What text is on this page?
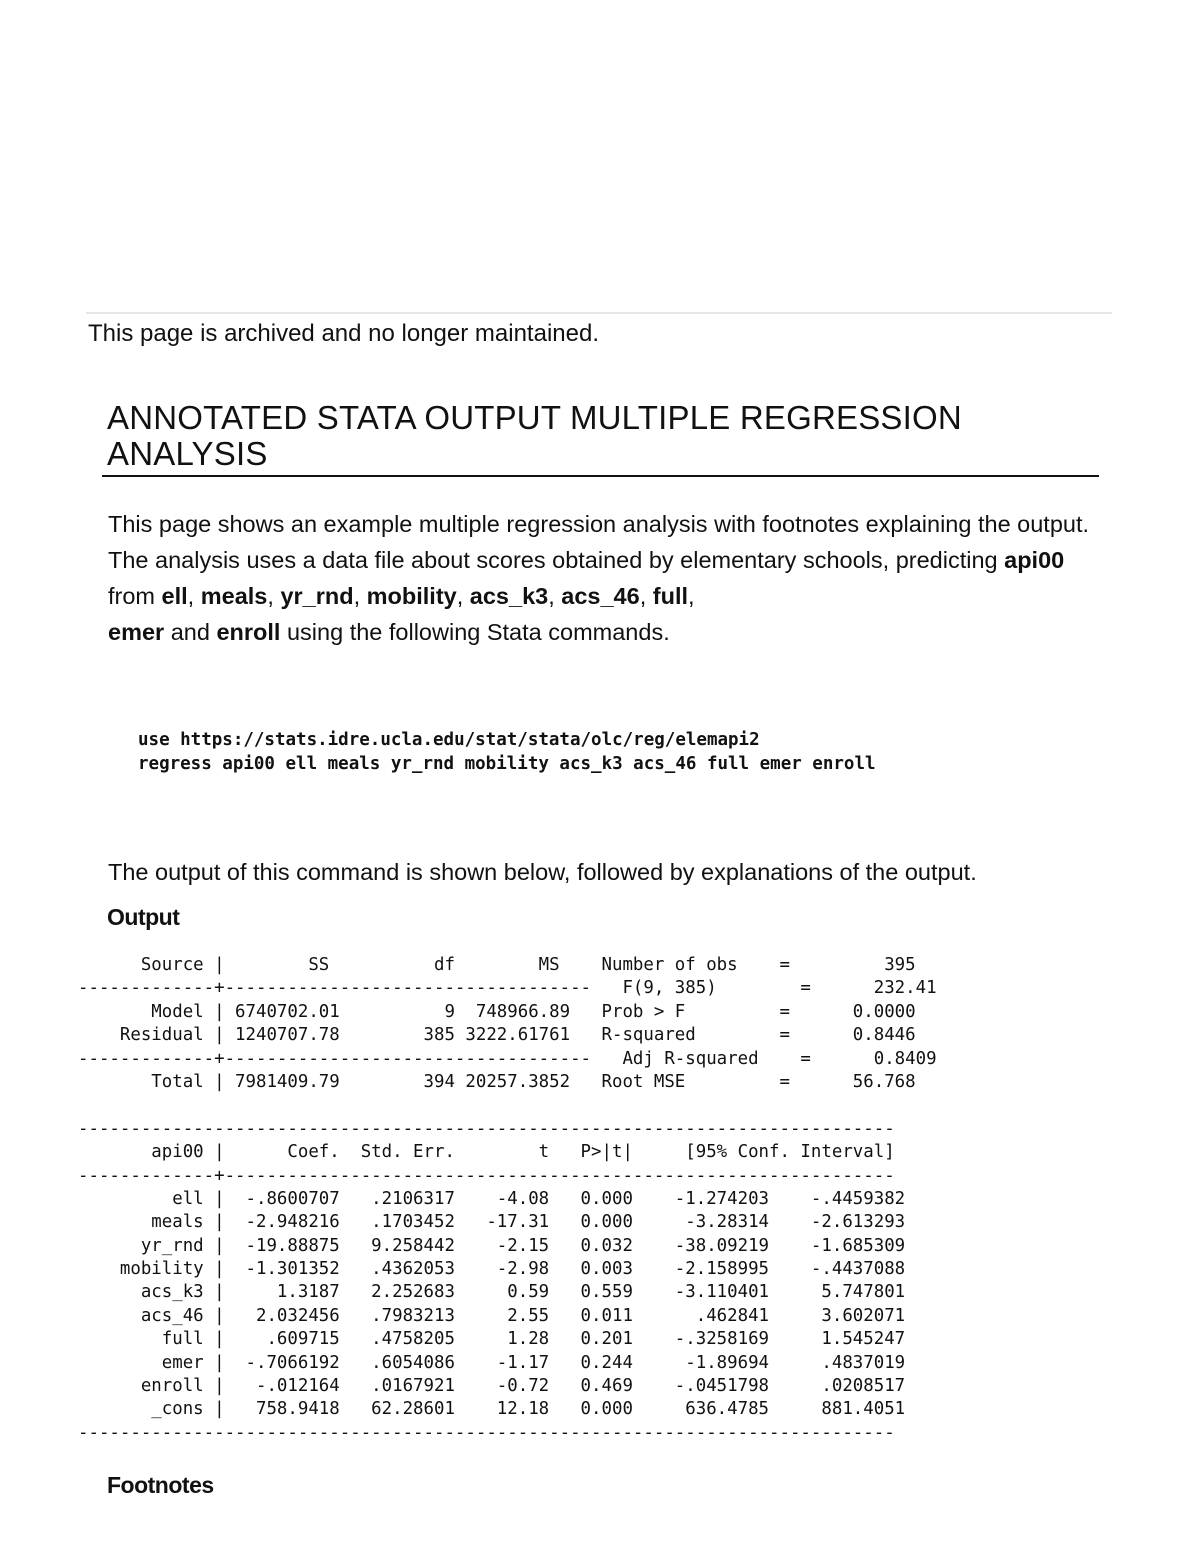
This page is archived and no longer maintained.
ANNOTATED STATA OUTPUT MULTIPLE REGRESSION ANALYSIS

This page shows an example multiple regression analysis with footnotes explaining the output. The analysis uses a data file about scores obtained by elementary schools, predicting api00 from ell, meals, yr_rnd, mobility, acs_k3, acs_46, full,
emer and enroll using the following Stata commands.

use https://stats.idre.ucla.edu/stat/stata/olc/reg/elemapi2
regress api00 ell meals yr_rnd mobility acs_k3 acs_46 full emer enroll

The output of this command is shown below, followed by explanations of the output.

Output
Source |        SS          df        MS    Number of obs    =         395
-------------+-----------------------------------   F(9, 385)        =      232.41
Model | 6740702.01          9  748966.89   Prob > F         =      0.0000
Residual | 1240707.78        385 3222.61761   R-squared        =      0.8446
-------------+-----------------------------------   Adj R-squared    =      0.8409
Total | 7981409.79        394 20257.3852   Root MSE         =      56.768
------------------------------------------------------------------------------
api00 |      Coef.  Std. Err.        t   P>|t|     [95% Conf. Interval]
-------------+----------------------------------------------------------------
ell |  -.8600707   .2106317    -4.08   0.000    -1.274203    -.4459382
meals |  -2.948216   .1703452   -17.31   0.000     -3.28314    -2.613293
yr_rnd |  -19.88875   9.258442    -2.15   0.032    -38.09219    -1.685309
mobility |  -1.301352   .4362053    -2.98   0.003    -2.158995    -.4437088
acs_k3 |     1.3187   2.252683     0.59   0.559    -3.110401     5.747801
acs_46 |   2.032456   .7983213     2.55   0.011      .462841     3.602071
full |    .609715   .4758205     1.28   0.201    -.3258169     1.545247
emer |  -.7066192   .6054086    -1.17   0.244     -1.89694     .4837019
enroll |   -.012164   .0167921    -0.72   0.469    -.0451798     .0208517
_cons |   758.9418   62.28601    12.18   0.000     636.4785     881.4051
------------------------------------------------------------------------------
Footnotes
